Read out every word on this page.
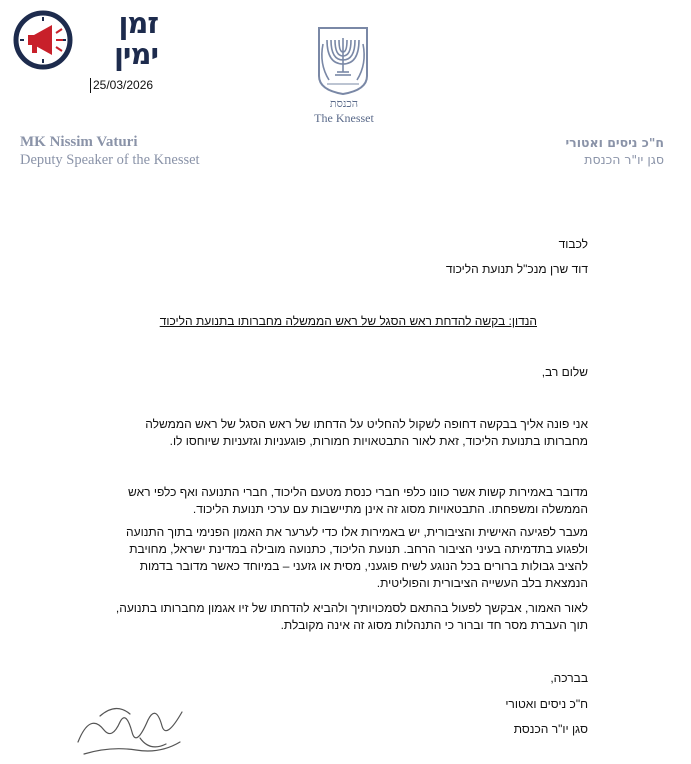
זמן
ימין
25/03/2026
הכנסת
The Knesset
MK Nissim Vaturi
Deputy Speaker of the Knesset
ח"כ ניסים ואטורי
סגן יו"ר הכנסת
לכבוד
דוד שרן מנכ"ל תנועת הליכוד
הנדון: בקשה להדחת ראש הסגל של ראש הממשלה מחברותו בתנועת הליכוד
שלום רב,
אני פונה אליך בבקשה דחופה לשקול להחליט על הדחתו של ראש הסגל של ראש הממשלה
מחברותו בתנועת הליכוד, זאת לאור התבטאויות חמורות, פוגעניות וגזעניות שיוחסו לו.
מדובר באמירות קשות אשר כוונו כלפי חברי כנסת מטעם הליכוד, חברי התנועה ואף כלפי ראש
הממשלה ומשפחתו. התבטאויות מסוג זה אינן מתיישבות עם ערכי תנועת הליכוד.
מעבר לפגיעה האישית והציבורית, יש באמירות אלו כדי לערער את האמון הפנימי בתוך התנועה
ולפגוע בתדמיתה בעיני הציבור הרחב. תנועת הליכוד, כתנועה מובילה במדינת ישראל, מחויבת
להציב גבולות ברורים בכל הנוגע לשיח פוגעני, מסית או גזעני – במיוחד כאשר מדובר בדמות
הנמצאת בלב העשייה הציבורית והפוליטית.
לאור האמור, אבקשך לפעול בהתאם לסמכויותיך ולהביא להדחתו של זיו אגמון מחברותו בתנועה,
תוך העברת מסר חד וברור כי התנהלות מסוג זה אינה מקובלת.
בברכה,
ח"כ ניסים ואטורי
סגן יו"ר הכנסת
